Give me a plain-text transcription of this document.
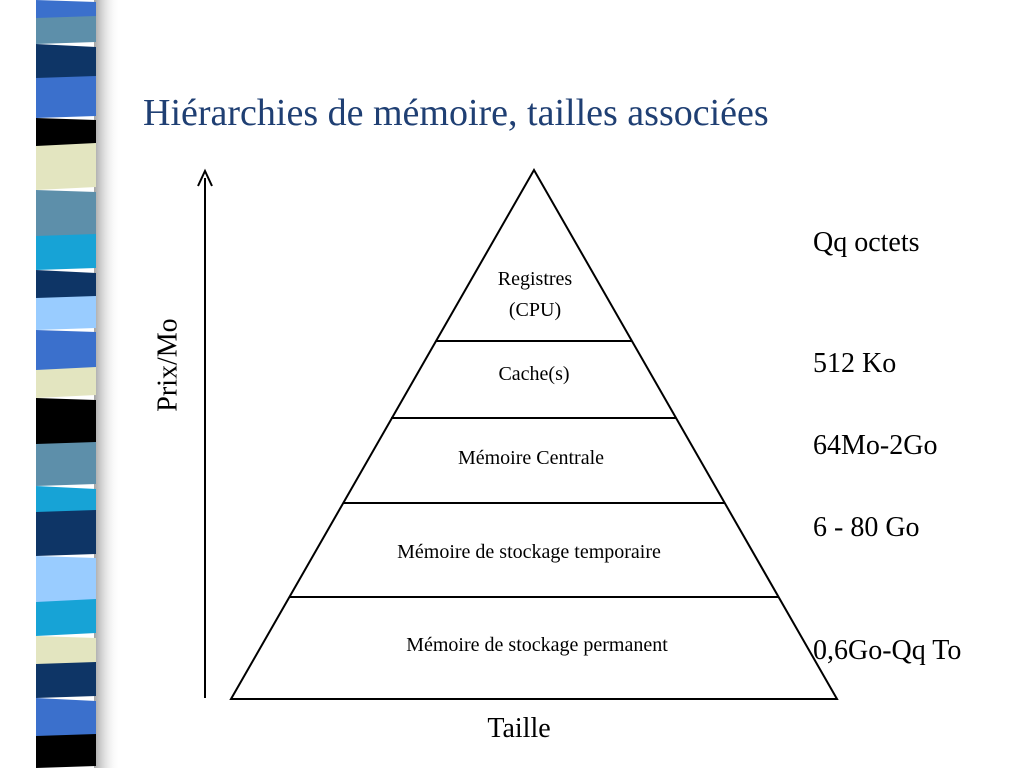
Hiérarchies de mémoire, tailles associées
Prix/Mo
Registres
(CPU)
Cache(s)
Mémoire Centrale
Mémoire de stockage temporaire
Mémoire de stockage permanent
Taille
Qq octets
512 Ko
64Mo-2Go
6 - 80 Go
0,6Go-Qq To
